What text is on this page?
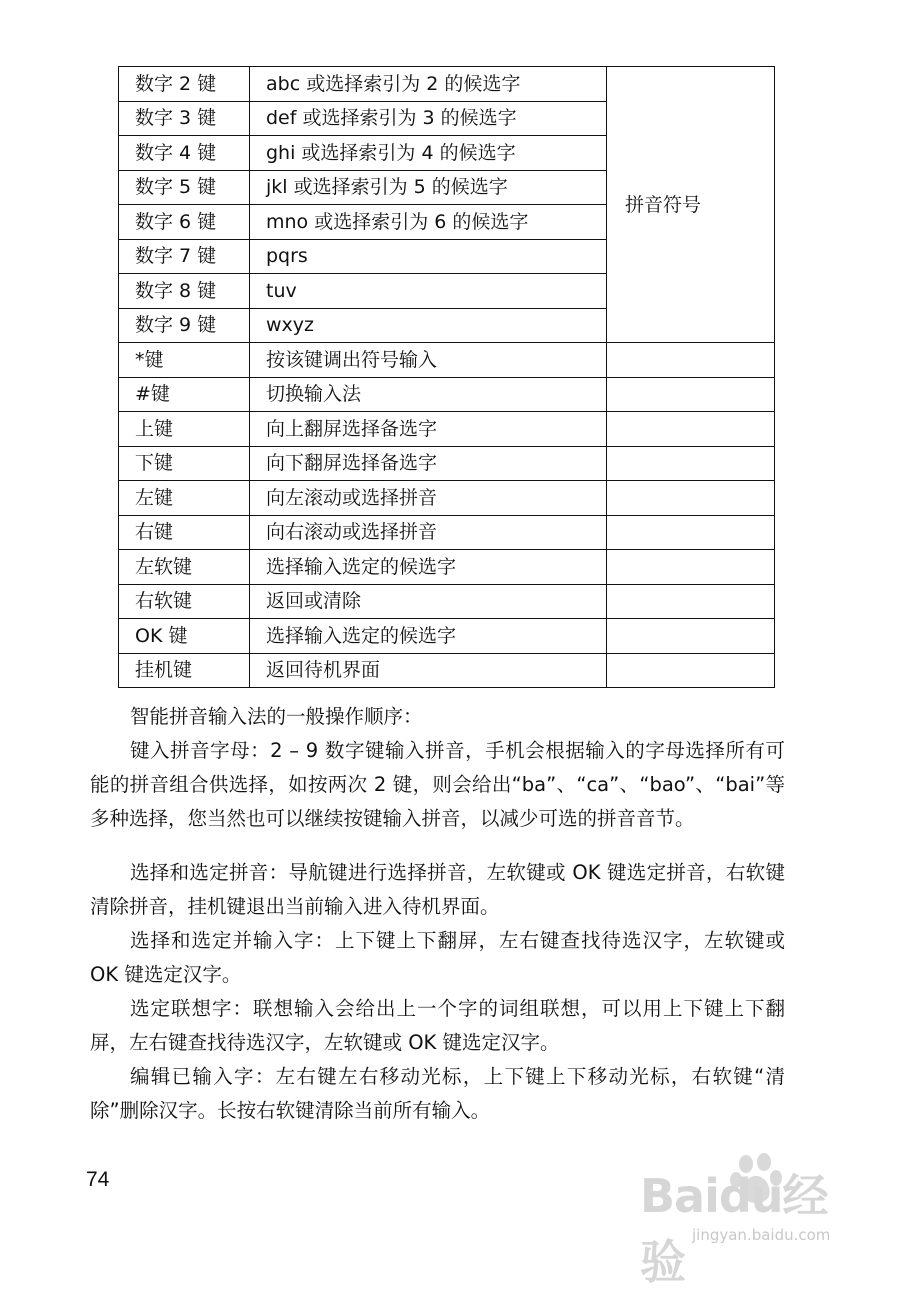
数字 2 键	abc 或选择索引为 2 的候选字	拼音符号
数字 3 键	def 或选择索引为 3 的候选字	
数字 4 键	ghi 或选择索引为 4 的候选字	
数字 5 键	jkl 或选择索引为 5 的候选字	
数字 6 键	mno 或选择索引为 6 的候选字	
数字 7 键	pqrs	
数字 8 键	tuv	
数字 9 键	wxyz	
*键	按该键调出符号输入	
#键	切换输入法	
上键	向上翻屏选择备选字	
下键	向下翻屏选择备选字	
左键	向左滚动或选择拼音	
右键	向右滚动或选择拼音	
左软键	选择输入选定的候选字	
右软键	返回或清除	
OK 键	选择输入选定的候选字	
挂机键	返回待机界面	

智能拼音输入法的一般操作顺序：

键入拼音字母：2 – 9 数字键输入拼音，手机会根据输入的字母选择所有可能的拼音组合供选择，如按两次 2 键，则会给出“ba”、“ca”、“bao”、“bai”等多种选择，您当然也可以继续按键输入拼音，以减少可选的拼音音节。

选择和选定拼音：导航键进行选择拼音，左软键或 OK 键选定拼音，右软键清除拼音，挂机键退出当前输入进入待机界面。

选择和选定并输入字：上下键上下翻屏，左右键查找待选汉字，左软键或 OK 键选定汉字。

选定联想字：联想输入会给出上一个字的词组联想，可以用上下键上下翻屏，左右键查找待选汉字，左软键或 OK 键选定汉字。

编辑已输入字：左右键左右移动光标，上下键上下移动光标，右软键“清除”删除汉字。长按右软键清除当前所有输入。

74	Baidu经验 jingyan.baidu.com
